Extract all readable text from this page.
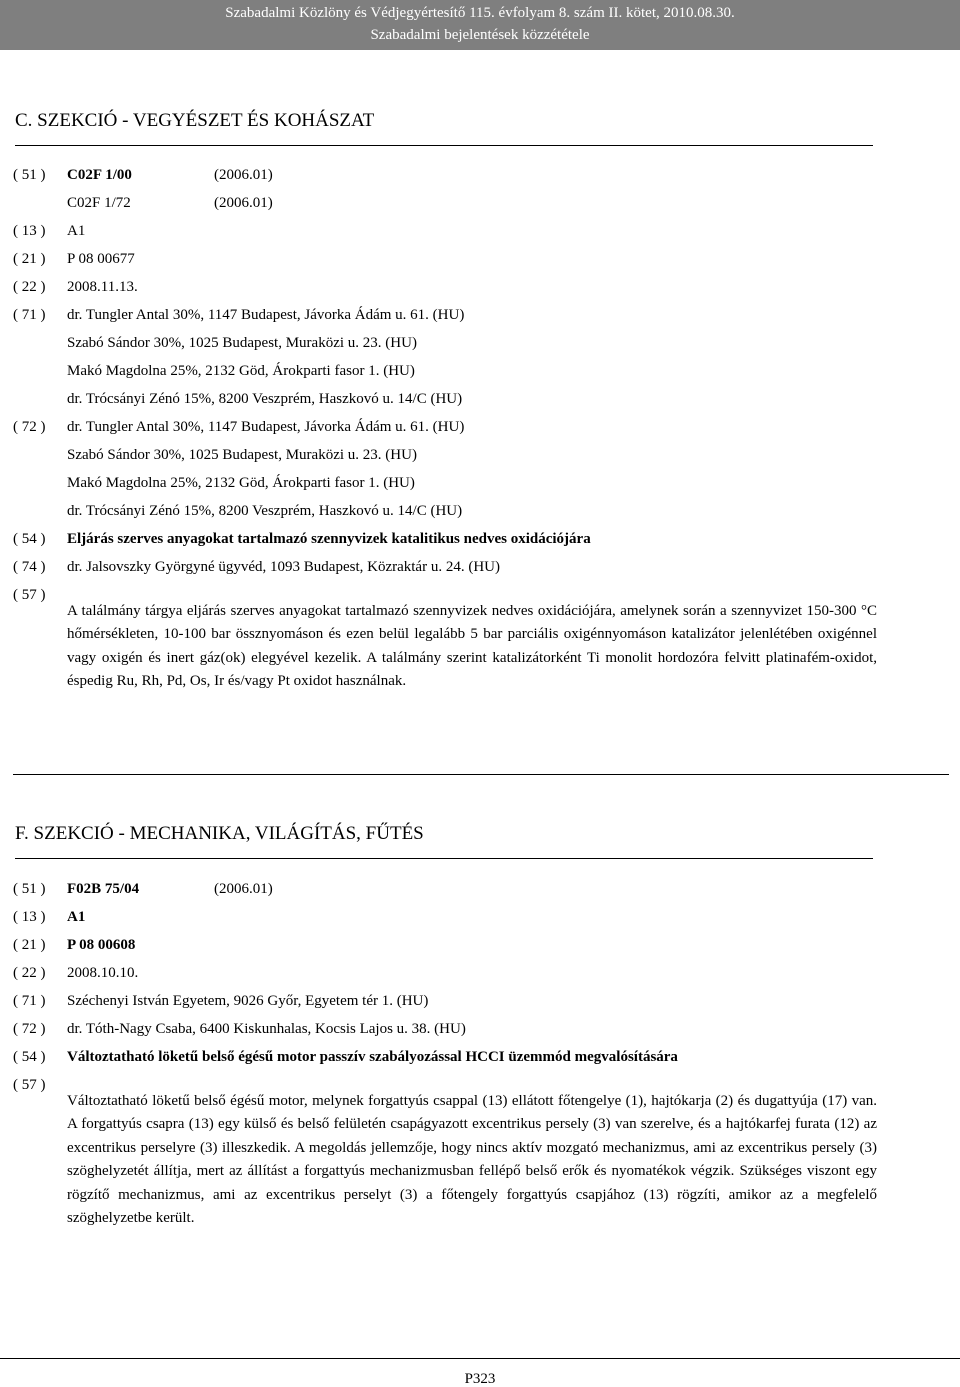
Szabadalmi Közlöny és Védjegyértesítő 115. évfolyam 8. szám II. kötet, 2010.08.30.
Szabadalmi bejelentések közzététele
C. SZEKCIÓ - VEGYÉSZET ÉS KOHÁSZAT
( 51 ) C02F 1/00	(2006.01)
C02F 1/72	(2006.01)
( 13 ) A1
( 21 ) P 08 00677
( 22 ) 2008.11.13.
( 71 ) dr. Tungler Antal 30%, 1147 Budapest, Jávorka Ádám u. 61. (HU)
Szabó Sándor 30%, 1025 Budapest, Muraközi u. 23. (HU)
Makó Magdolna 25%, 2132 Göd, Árokparti fasor 1. (HU)
dr. Trócsányi Zénó 15%, 8200 Veszprém, Haszkovó u. 14/C (HU)
( 72 ) dr. Tungler Antal 30%, 1147 Budapest, Jávorka Ádám u. 61. (HU)
Szabó Sándor 30%, 1025 Budapest, Muraközi u. 23. (HU)
Makó Magdolna 25%, 2132 Göd, Árokparti fasor 1. (HU)
dr. Trócsányi Zénó 15%, 8200 Veszprém, Haszkovó u. 14/C (HU)
( 54 ) Eljárás szerves anyagokat tartalmazó szennyvizek katalitikus nedves oxidációjára
( 74 ) dr. Jalsovszky Györgyné ügyvéd, 1093 Budapest, Közraktár u. 24. (HU)
( 57 )
A találmány tárgya eljárás szerves anyagokat tartalmazó szennyvizek nedves oxidációjára, amelynek során a szennyvizet 150-300 °C hőmérsékleten, 10-100 bar össznyomáson és ezen belül legalább 5 bar parciális oxigénnyomáson katalizátor jelenlétében oxigénnel vagy oxigén és inert gáz(ok) elegyével kezelik. A találmány szerint katalizátorként Ti monolit hordozóra felvitt platinafém-oxidot, éspedig Ru, Rh, Pd, Os, Ir és/vagy Pt oxidot használnak.
F. SZEKCIÓ - MECHANIKA, VILÁGÍTÁS, FŰTÉS
( 51 ) F02B 75/04	(2006.01)
( 13 ) A1
( 21 ) P 08 00608
( 22 ) 2008.10.10.
( 71 ) Széchenyi István Egyetem, 9026 Győr, Egyetem tér 1. (HU)
( 72 ) dr. Tóth-Nagy Csaba, 6400 Kiskunhalas, Kocsis Lajos u. 38. (HU)
( 54 ) Változtatható löketű belső égésű motor passzív szabályozással HCCI üzemmód megvalósítására
( 57 )
Változtatható löketű belső égésű motor, melynek forgattyús csappal (13) ellátott főtengelye (1), hajtókarja (2) és dugattyúja (17) van. A forgattyús csapra (13) egy külső és belső felületén csapágyazott excentrikus persely (3) van szerelve, és a hajtókarfej furata (12) az excentrikus perselyre (3) illeszkedik. A megoldás jellemzője, hogy nincs aktív mozgató mechanizmus, ami az excentrikus persely (3) szöghelyzetét állítja, mert az állítást a forgattyús mechanizmusban fellépő belső erők és nyomatékok végzik. Szükséges viszont egy rögzítő mechanizmus, ami az excentrikus perselyt (3) a főtengely forgattyús csapjához (13) rögzíti, amikor az a megfelelő szöghelyzetbe került.
P323
